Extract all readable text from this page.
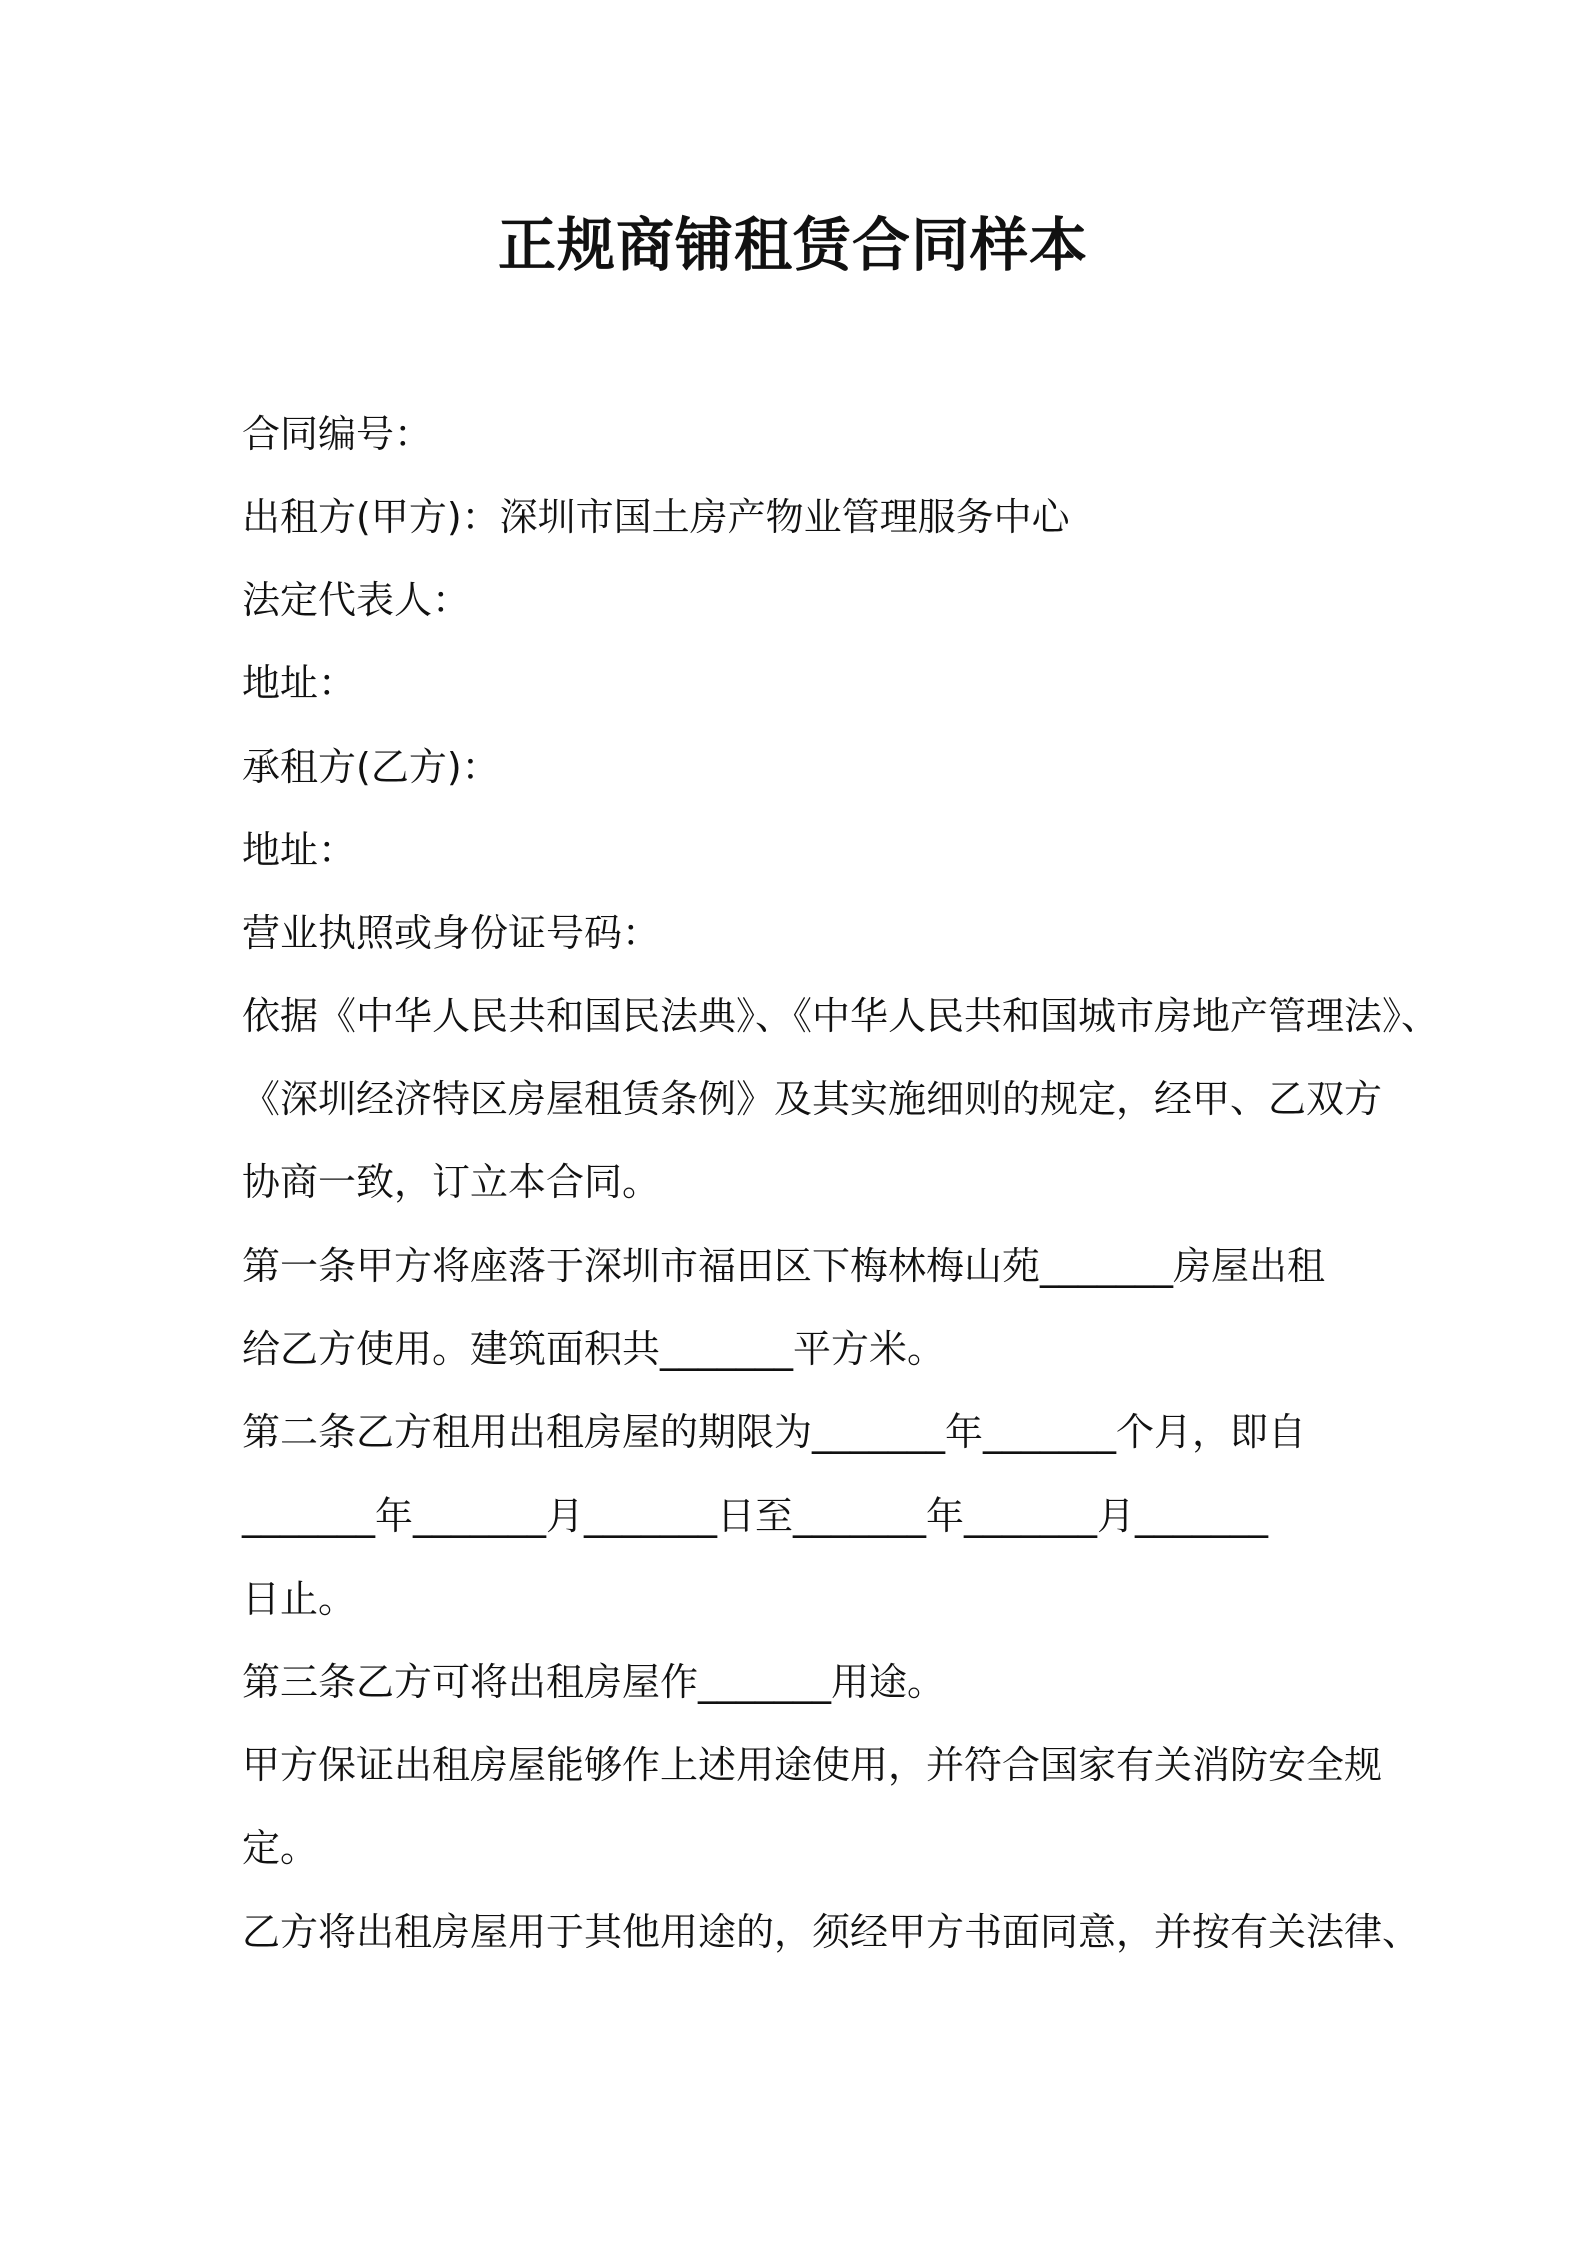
正规商铺租赁合同样本
合同编号：
出租方(甲方)：深圳市国土房产物业管理服务中心
法定代表人：
地址：
承租方(乙方)：
地址：
营业执照或身份证号码：
依据《中华人民共和国民法典》、《中华人民共和国城市房地产管理法》、
《深圳经济特区房屋租赁条例》及其实施细则的规定，经甲、乙双方
协商一致，订立本合同。
第一条甲方将座落于深圳市福田区下梅林梅山苑_______房屋出租
给乙方使用。建筑面积共_______平方米。
第二条乙方租用出租房屋的期限为_______年_______个月，即自
_______年_______月_______日至_______年_______月_______
日止。
第三条乙方可将出租房屋作_______用途。
甲方保证出租房屋能够作上述用途使用，并符合国家有关消防安全规
定。
乙方将出租房屋用于其他用途的，须经甲方书面同意，并按有关法律、
